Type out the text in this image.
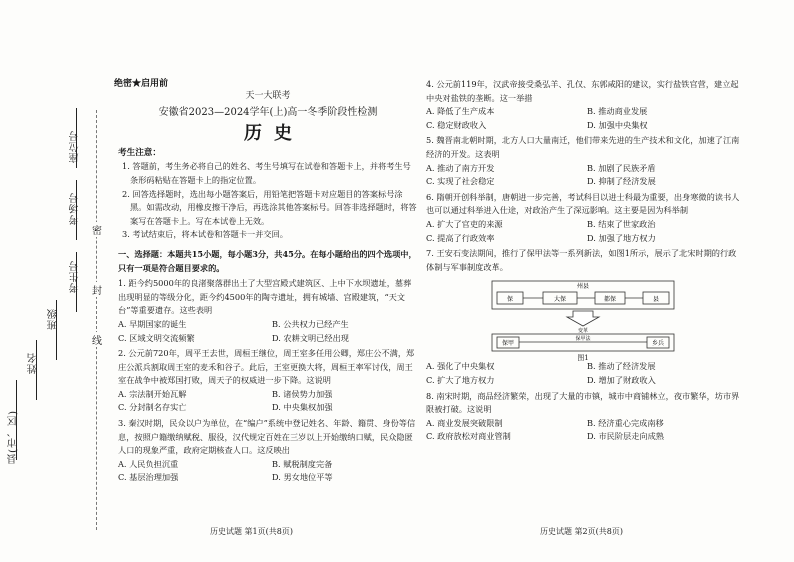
座位号
考场号
考生号
班级
姓名
县(市、区)
密
封
线
绝密★启用前
天一大联考
安徽省2023—2024学年(上)高一冬季阶段性检测
历史
考生注意：
1. 答题前，考生务必将自己的姓名、考生号填写在试卷和答题卡上，并将考生号条形码粘贴在答题卡上的指定位置。
2. 回答选择题时，选出每小题答案后，用铅笔把答题卡对应题目的答案标号涂黑。如需改动，用橡皮擦干净后，再选涂其他答案标号。回答非选择题时，将答案写在答题卡上。写在本试卷上无效。
3. 考试结束后，将本试卷和答题卡一并交回。
一、选择题：本题共15小题，每小题3分，共45分。在每小题给出的四个选项中，只有一项是符合题目要求的。
1. 距今约5000年的良渚聚落群出土了大型宫殿式建筑区、上中下水坝遗址，墓葬出现明显的等级分化，距今约4500年的陶寺遗址，拥有城墙、宫殿建筑，“天文台”等重要遗存。这些表明
A. 早期国家的诞生	B. 公共权力已经产生
C. 区域文明交流频繁	D. 农耕文明已经出现
2. 公元前720年，周平王去世，周桓王继位，周王室多任用公卿，郑庄公不满，郑庄公派兵割取周王室的麦禾和谷子。此后，王室更换大将，周桓王率军讨伐，周王室在战争中被郑国打败，周天子的权威进一步下降。这说明
A. 宗法制开始瓦解	B. 诸侯势力加强
C. 分封制名存实亡	D. 中央集权加强
3. 秦汉时期，民众以户为单位，在“编户”系统中登记姓名、年龄、籍贯、身份等信息，按照户籍缴纳赋税、服役，汉代规定百姓在三岁以上开始缴纳口赋，民众隐匿人口的现象严重，政府定期核查人口。这反映出
A. 人民负担沉重	B. 赋税制度完备
C. 基层治理加强	D. 男女地位平等
4. 公元前119年，汉武帝接受桑弘羊、孔仅、东郭咸阳的建议，实行盐铁官营，建立起中央对盐铁的垄断。这一举措
A. 降低了生产成本	B. 推动商业发展
C. 稳定财政收入	D. 加强中央集权
5. 魏晋南北朝时期，北方人口大量南迁，他们带来先进的生产技术和文化，加速了江南经济的开发。这表明
A. 推动了南方开发	B. 加剧了民族矛盾
C. 实现了社会稳定	D. 抑制了经济发展
6. 隋朝开创科举制，唐朝进一步完善，考试科目以进士科最为重要，出身寒微的读书人也可以通过科举进入仕途，对政治产生了深远影响。这主要是因为科举制
A. 扩大了官吏的来源	B. 结束了世家政治
C. 提高了行政效率	D. 加强了地方权力
7. 王安石变法期间，推行了保甲法等一系列新法，如图1所示，展示了北宋时期的行政体制与军事制度改革。
州县
保	大保	都保	县
变革
保甲	乡兵
保甲法
图1
A. 强化了中央集权	B. 推动了经济发展
C. 扩大了地方权力	D. 增加了财政收入
8. 南宋时期，商品经济繁荣，出现了大量的市镇，城市中商铺林立，夜市繁华，坊市界限被打破。这说明
A. 商业发展突破限制	B. 经济重心完成南移
C. 政府放松对商业管制	D. 市民阶层走向成熟
历史试题 第1页(共8页)	历史试题 第2页(共8页)
